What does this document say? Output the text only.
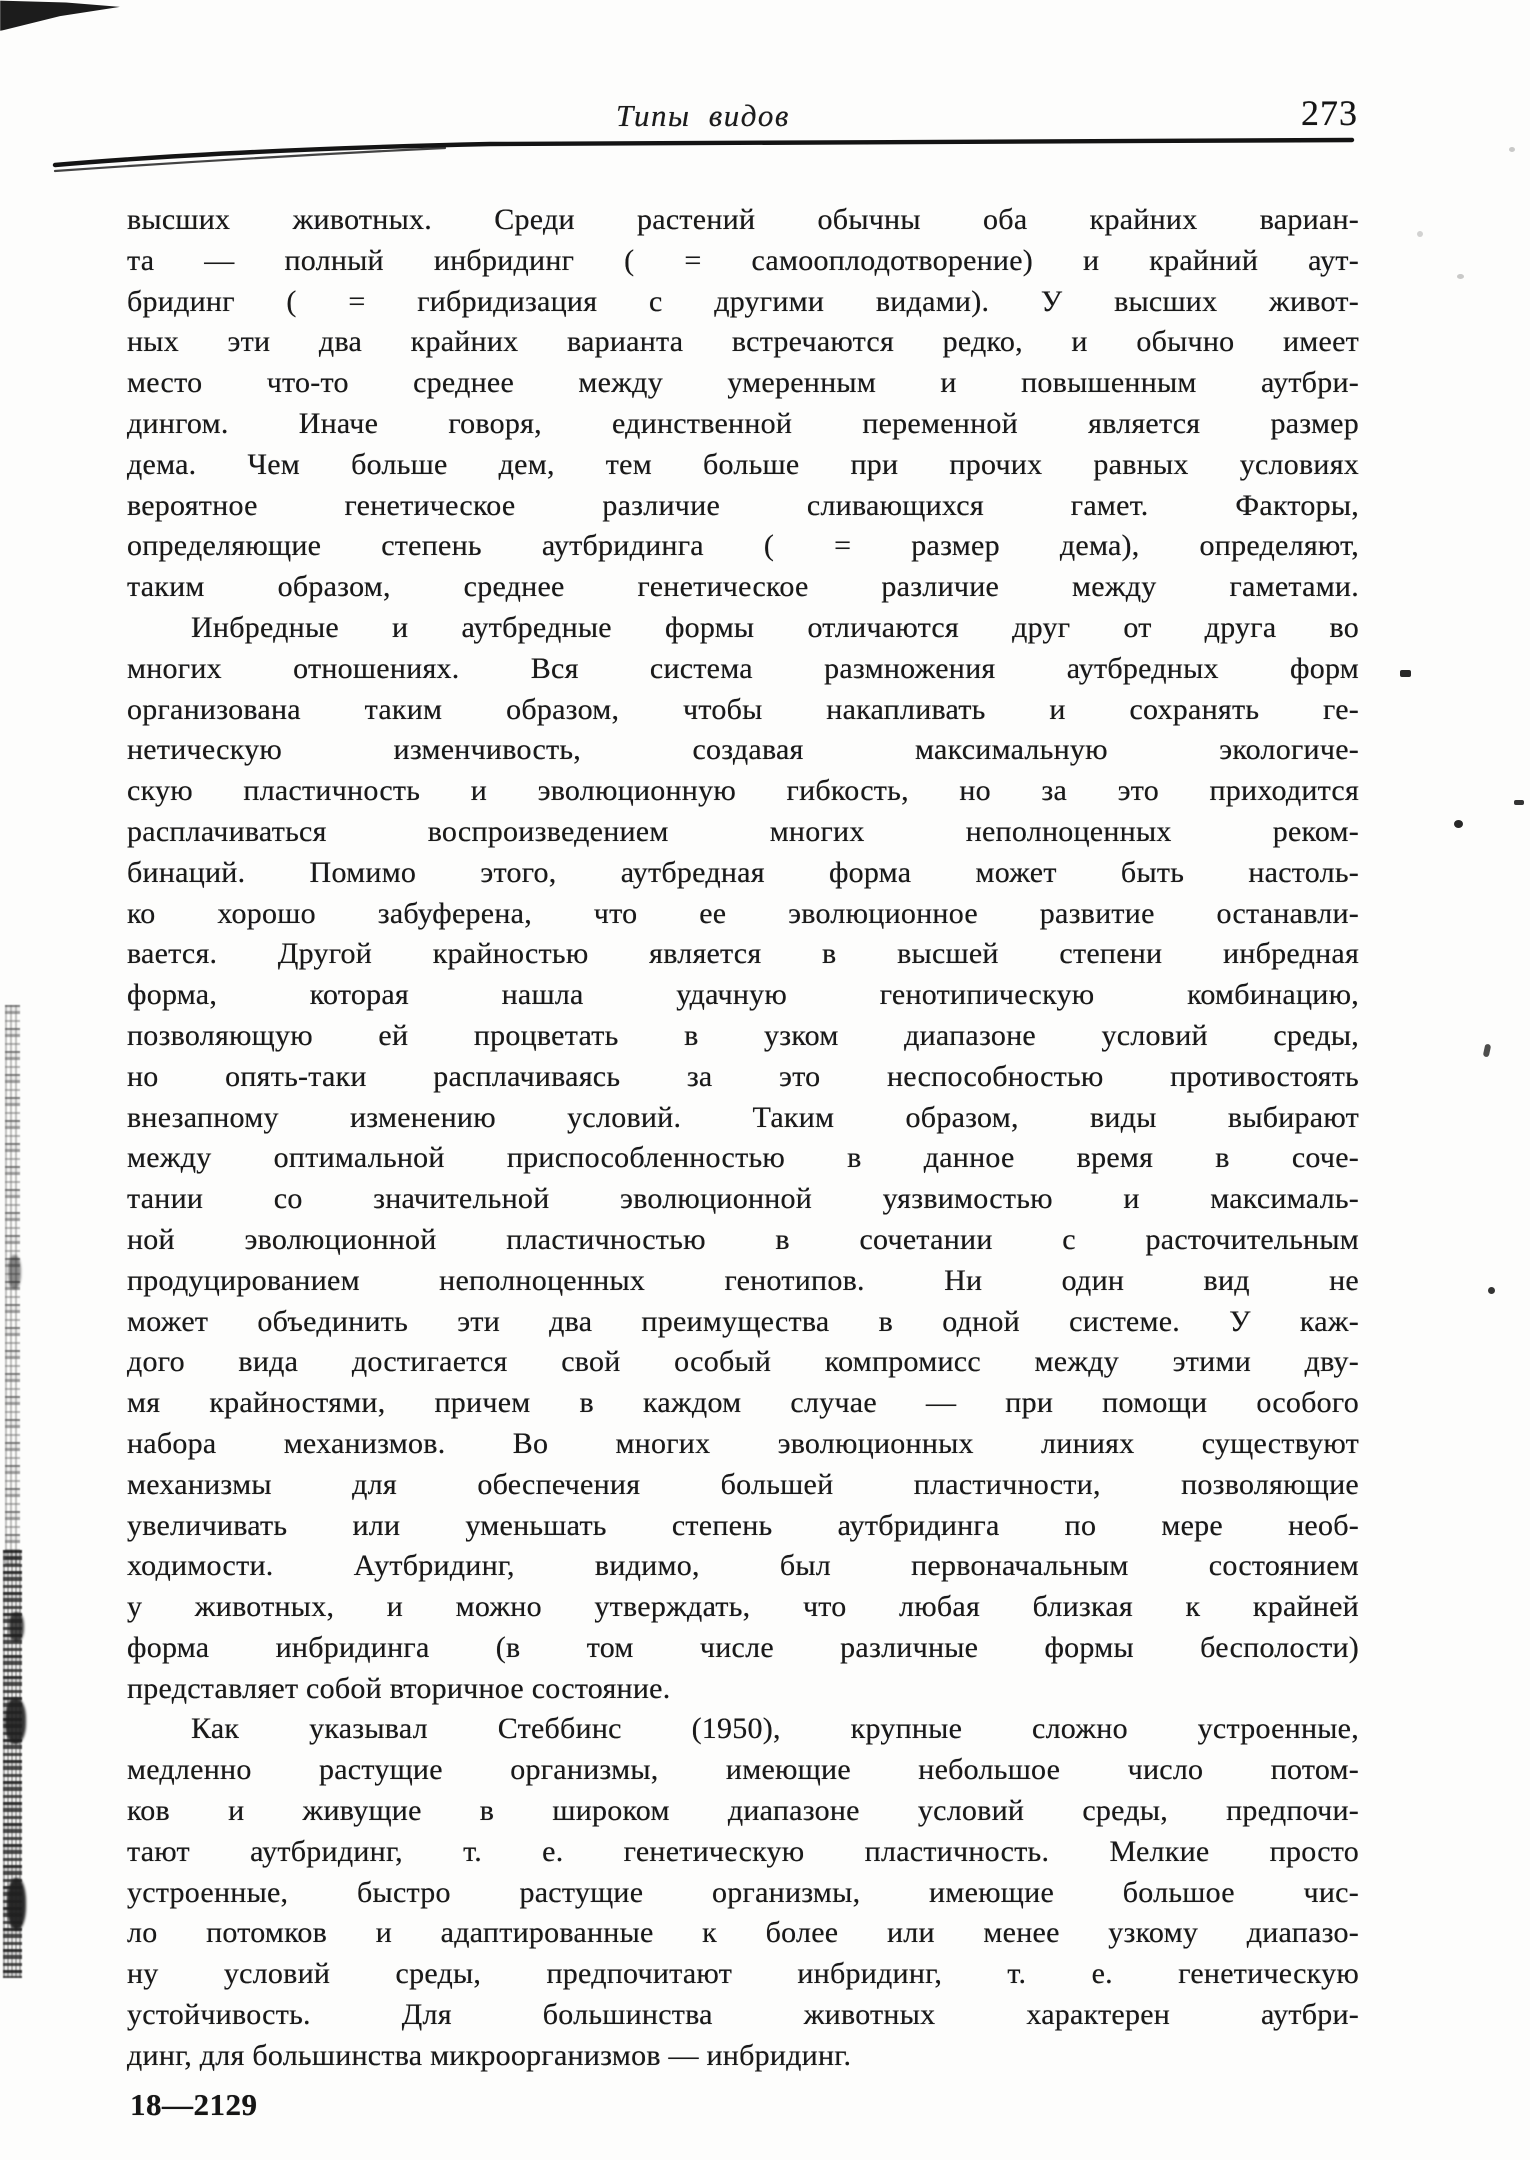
Типы видов	273
высших животных. Среди растений обычны оба крайних вариан-
та — полный инбридинг ( = самооплодотворение) и крайний аут-
бридинг ( = гибридизация с другими видами). У высших живот-
ных эти два крайних варианта встречаются редко, и обычно имеет
место что-то среднее между умеренным и повышенным аутбри-
дингом. Иначе говоря, единственной переменной является размер
дема. Чем больше дем, тем больше при прочих равных условиях
вероятное генетическое различие сливающихся гамет. Факторы,
определяющие степень аутбридинга ( = размер дема), определяют,
таким образом, среднее генетическое различие между гаметами.
Инбредные и аутбредные формы отличаются друг от друга во
многих отношениях. Вся система размножения аутбредных форм
организована таким образом, чтобы накапливать и сохранять ге-
нетическую изменчивость, создавая максимальную экологиче-
скую пластичность и эволюционную гибкость, но за это приходится
расплачиваться воспроизведением многих неполноценных реком-
бинаций. Помимо этого, аутбредная форма может быть настоль-
ко хорошо забуферена, что ее эволюционное развитие останавли-
вается. Другой крайностью является в высшей степени инбредная
форма, которая нашла удачную генотипическую комбинацию,
позволяющую ей процветать в узком диапазоне условий среды,
но опять-таки расплачиваясь за это неспособностью противостоять
внезапному изменению условий. Таким образом, виды выбирают
между оптимальной приспособленностью в данное время в соче-
тании со значительной эволюционной уязвимостью и максималь-
ной эволюционной пластичностью в сочетании с расточительным
продуцированием неполноценных генотипов. Ни один вид не
может объединить эти два преимущества в одной системе. У каж-
дого вида достигается свой особый компромисс между этими дву-
мя крайностями, причем в каждом случае — при помощи особого
набора механизмов. Во многих эволюционных линиях существуют
механизмы для обеспечения большей пластичности, позволяющие
увеличивать или уменьшать степень аутбридинга по мере необ-
ходимости. Аутбридинг, видимо, был первоначальным состоянием
у животных, и можно утверждать, что любая близкая к крайней
форма инбридинга (в том числе различные формы бесполости)
представляет собой вторичное состояние.
Как указывал Стеббинс (1950), крупные сложно устроенные,
медленно растущие организмы, имеющие небольшое число потом-
ков и живущие в широком диапазоне условий среды, предпочи-
тают аутбридинг, т. е. генетическую пластичность. Мелкие просто
устроенные, быстро растущие организмы, имеющие большое чис-
ло потомков и адаптированные к более или менее узкому диапазо-
ну условий среды, предпочитают инбридинг, т. е. генетическую
устойчивость. Для большинства животных характерен аутбри-
динг, для большинства микроорганизмов — инбридинг.
18—2129
